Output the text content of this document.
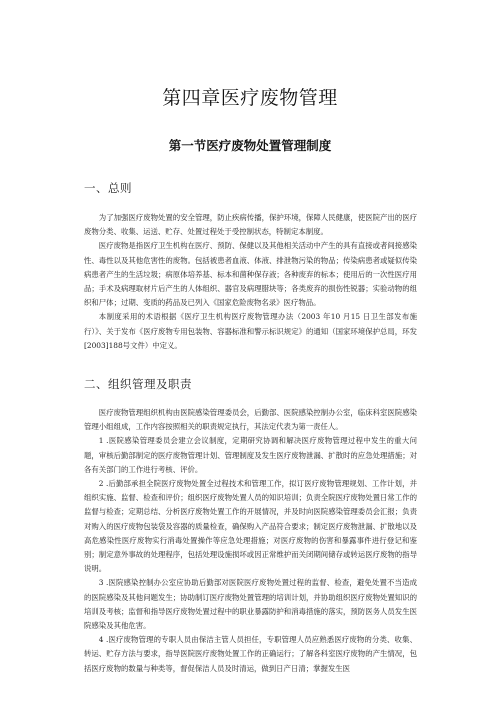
第四章医疗废物管理
第一节医疗废物处置管理制度
一、总则

为了加强医疗废物处置的安全管理，防止疾病传播，保护环境，保障人民健康，使医院产出的医疗废物分类、收集、运送、贮存、处置过程处于受控制状态，特制定本制度。

医疗废物是指医疗卫生机构在医疗、预防、保健以及其他相关活动中产生的具有直接或者间接感染性、毒性以及其他危害性的废物。包括被患者血液、体液、排泄物污染的物品；传染病患者或疑似传染病患者产生的生活垃圾；病原体培养基、标本和菌种保存液；各种废弃的标本；使用后的一次性医疗用品；手术及病理取材片后产生的人体组织、器官及病理腊块等；各类废弃的损伤性锐器；实验动物的组织和尸体；过期、变质的药品及已列入《国家危险废物名录》医疗物品。

本制度采用的术语根据《医疗卫生机构医疗废物管理办法（2003 年10 月15 日卫生部发布施行）》、关于发布《医疗废物专用包装物、容器标准和警示标识规定》的通知（国家环境保护总局，环发[2003]188号文件）中定义。

二、组织管理及职责

医疗废物管理组织机构由医院感染管理委员会，后勤部、医院感染控制办公室，临床科室医院感染管理小组组成，工作内容按照相关的职责规定执行，其法定代表为第一责任人。

1 .医院感染管理委员会建立会议制度，定期研究协调和解决医疗废物管理过程中发生的重大问题，审核后勤部制定的医疗废物管理计划、管理制度及发生医疗废物泄漏、扩散时的应急处理措施；对各有关部门的工作进行考核、评价。

2 .后勤部承担全院医疗废物处置全过程技术和管理工作，拟订医疗废物管理规划、工作计划，并组织实施、监督、检查和评价；组织医疗废物处置人员的知识培训；负责全院医疗废物处置日常工作的监督与检查；定期总结、分析医疗废物处置工作的开展情况，并及时向医院感染管理委员会汇报；负责对购入的医疗废物包装袋及容器的质量检查，确保购入产品符合要求；制定医疗废物泄漏、扩散地以及高危感染性医疗废物实行消毒处置操作等应急处理措施；对医疗废物的伤害和暴露事件进行登记和鉴别；制定意外事故的处理程序，包括处理设施损坏或因正常维护而关闭期间储存或转运医疗废物的指导说明。

3 .医院感染控制办公室应协助后勤部对医院医疗废物处置过程的监督、检查，避免处置不当造成的医院感染及其他问题发生；协助制订医疗废物处置管理的培训计划，并协助组织医疗废物处置知识的培训及考核；监督和指导医疗废物处置过程中的职业暴露防护和消毒措施的落实，预防医务人员发生医院感染及其他危害。

4 .医疗废物管理的专职人员由保洁主管人员担任，专职管理人员应熟悉医疗废物的分类、收集、转运、贮存方法与要求，指导医院医疗废物处置工作的正确运行；了解各科室医疗废物的产生情况，包括医疗废物的数量与种类等，督促保洁人员及时清运，做到日产日清；掌握发生医
